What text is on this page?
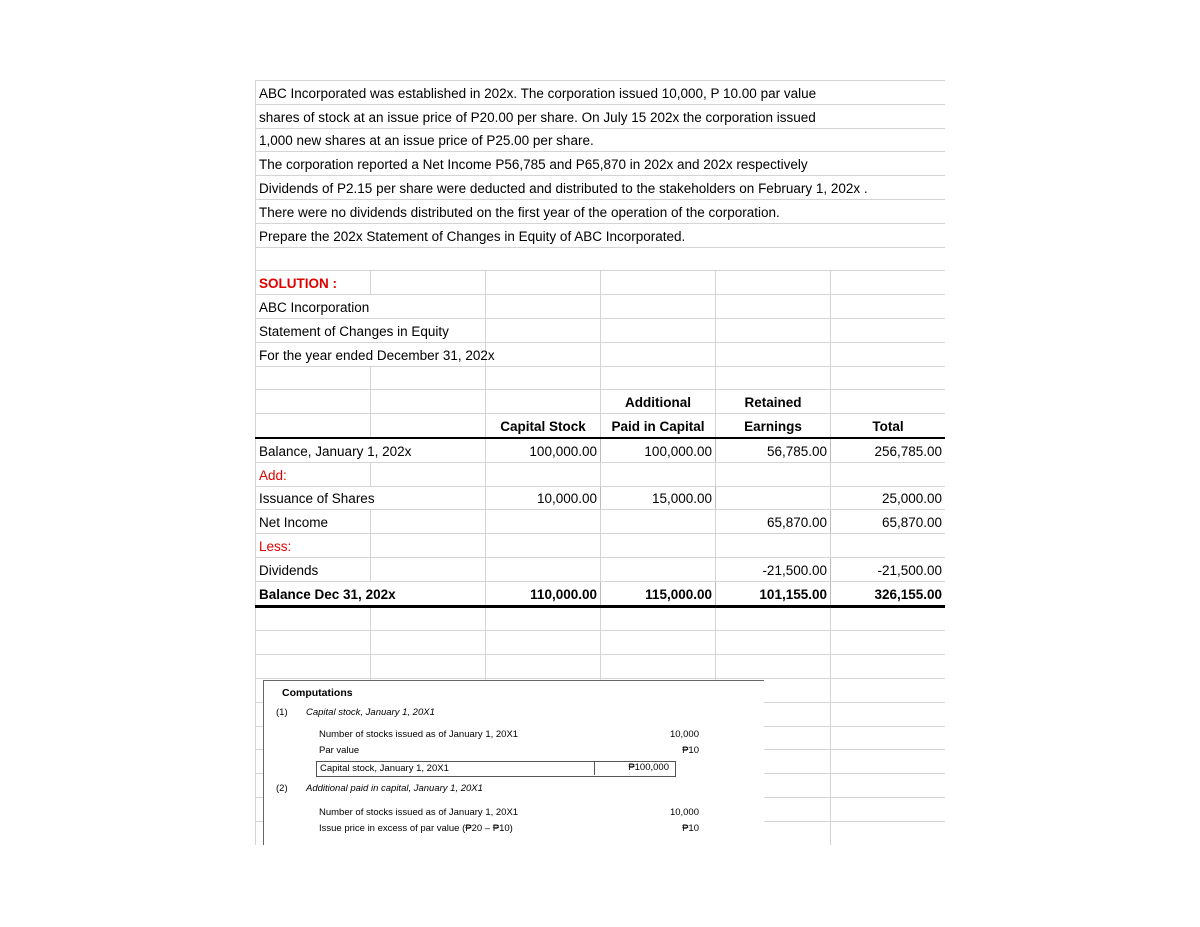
ABC Incorporated was established in 202x. The corporation issued 10,000, P 10.00 par value					
shares of stock at an issue price of P20.00 per share. On July 15 202x the corporation issued					
1,000 new shares at an issue price of P25.00 per share.					
The corporation reported a Net Income P56,785 and P65,870 in 202x and 202x respectively					
Dividends of P2.15 per share were deducted and distributed to the stakeholders on February 1, 202x .					
There were no dividends distributed on the first year of the operation of the corporation.					
Prepare the 202x Statement of Changes in Equity of ABC Incorporated.					

SOLUTION :					
ABC Incorporation					
Statement of Changes in Equity					
For the year ended December 31, 202x					

			Additional	Retained	
		Capital Stock	Paid in Capital	Earnings	Total
Balance, January 1, 202x		100,000.00	100,000.00	56,785.00	256,785.00
Add:					
Issuance of Shares		10,000.00	15,000.00		25,000.00
Net Income				65,870.00	65,870.00
Less:					
Dividends				-21,500.00	-21,500.00
Balance Dec 31, 202x		110,000.00	115,000.00	101,155.00	326,155.00

Computations
(1) Capital stock, January 1, 20X1
Number of stocks issued as of January 1, 20X1	10,000
Par value	₱10
Capital stock, January 1, 20X1	₱100,000
(2) Additional paid in capital, January 1, 20X1
Number of stocks issued as of January 1, 20X1	10,000
Issue price in excess of par value (₱20 – ₱10)	₱10
